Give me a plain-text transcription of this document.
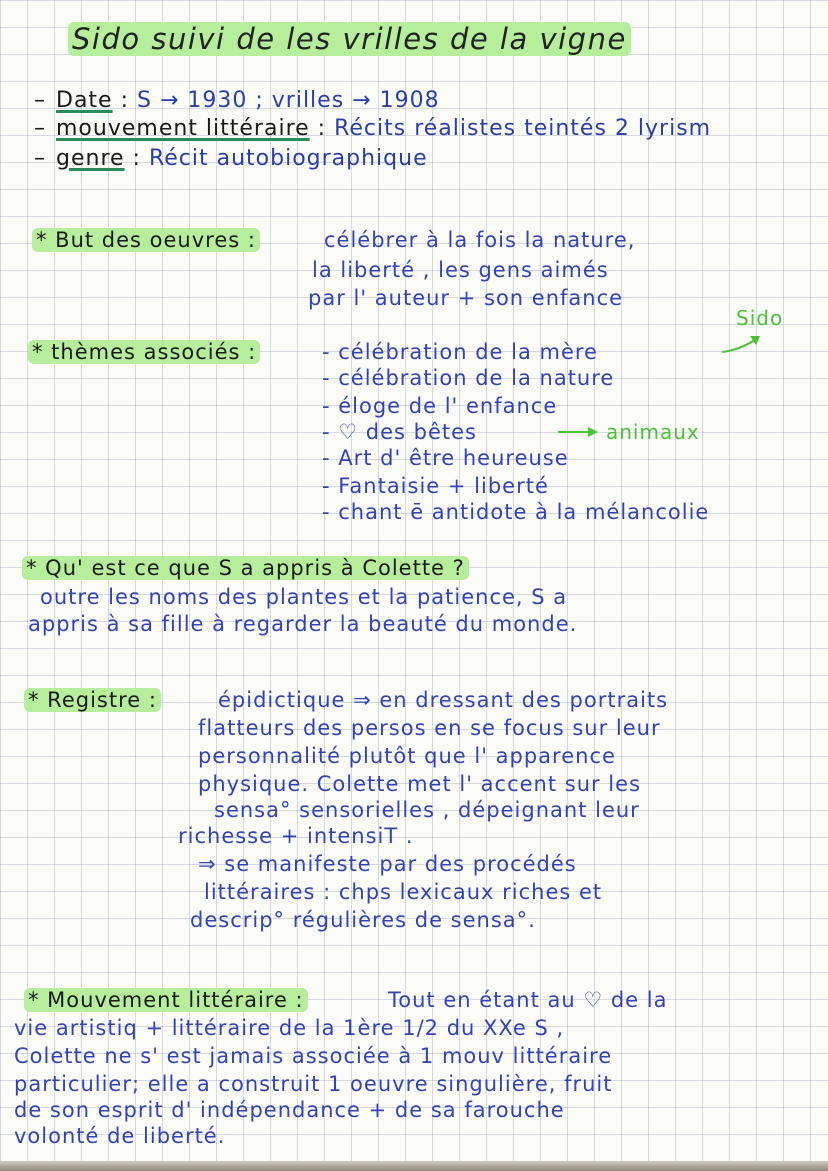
Sido suivi de les vrilles de la vigne
– Date : S → 1930 ; vrilles → 1908
– mouvement littéraire : Récits réalistes teintés 2 lyrism
– genre : Récit autobiographique
* But des oeuvres :	célébrer à la fois la nature,
la liberté , les gens aimés
par l' auteur + son enfance
Sido
* thèmes associés :	- célébration de la mère
- célébration de la nature
- éloge de l' enfance
- ♡ des bêtes	animaux
- Art d' être heureuse
- Fantaisie + liberté
- chant ē antidote à la mélancolie
* Qu' est ce que S a appris à Colette ?
outre les noms des plantes et la patience, S a
appris à sa fille à regarder la beauté du monde.
* Registre :	épidictique ⇒ en dressant des portraits
flatteurs des persos en se focus sur leur
personnalité plutôt que l' apparence
physique. Colette met l' accent sur les
sensa° sensorielles , dépeignant leur
richesse + intensiT .
⇒ se manifeste par des procédés
littéraires : chps lexicaux riches et
descrip° régulières de sensa°.
* Mouvement littéraire :	Tout en étant au ♡ de la
vie artistiq + littéraire de la 1ère 1/2 du XXe S ,
Colette ne s' est jamais associée à 1 mouv littéraire
particulier; elle a construit 1 oeuvre singulière, fruit
de son esprit d' indépendance + de sa farouche
volonté de liberté.
